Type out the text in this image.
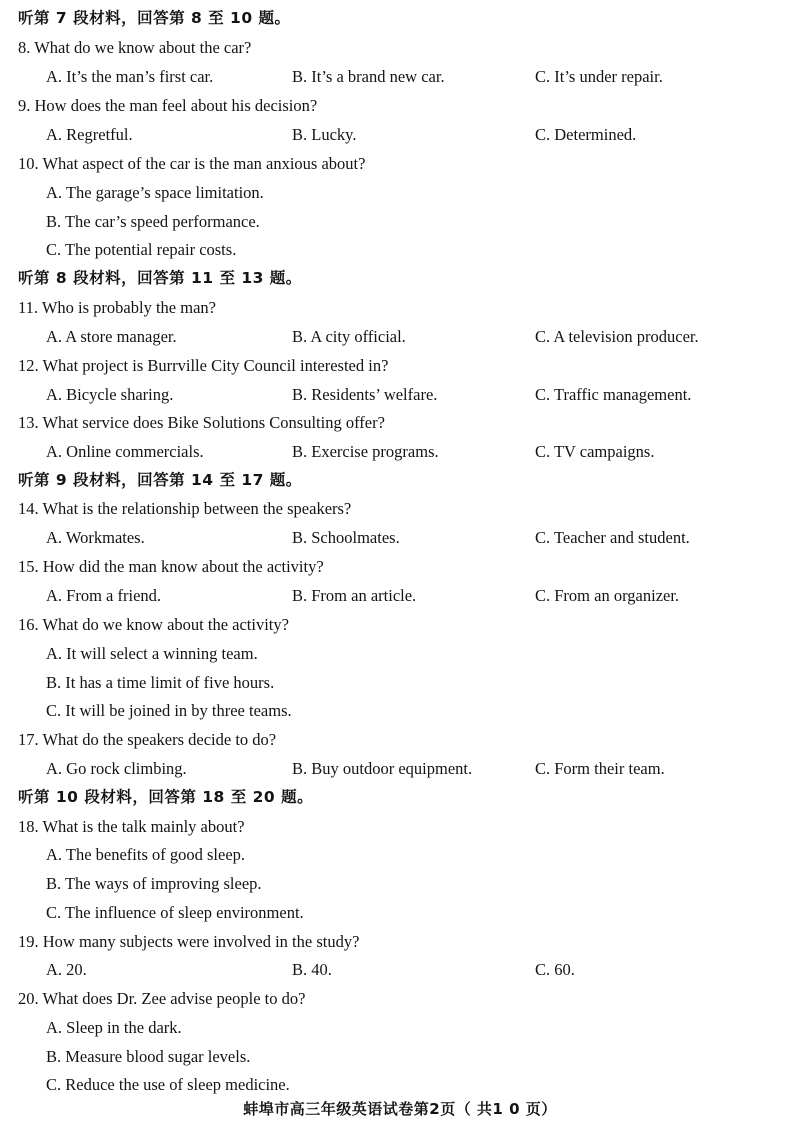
听第 7 段材料，回答第 8 至 10 题。
8. What do we know about the car?
A. It’s the man’s first car.	B. It’s a brand new car.	C. It’s under repair.
9. How does the man feel about his decision?
A. Regretful.	B. Lucky.	C. Determined.
10. What aspect of the car is the man anxious about?
A. The garage’s space limitation.
B. The car’s speed performance.
C. The potential repair costs.
听第 8 段材料，回答第 11 至 13 题。
11. Who is probably the man?
A. A store manager.	B. A city official.	C. A television producer.
12. What project is Burrville City Council interested in?
A. Bicycle sharing.	B. Residents’ welfare.	C. Traffic management.
13. What service does Bike Solutions Consulting offer?
A. Online commercials.	B. Exercise programs.	C. TV campaigns.
听第 9 段材料，回答第 14 至 17 题。
14. What is the relationship between the speakers?
A. Workmates.	B. Schoolmates.	C. Teacher and student.
15. How did the man know about the activity?
A. From a friend.	B. From an article.	C. From an organizer.
16. What do we know about the activity?
A. It will select a winning team.
B. It has a time limit of five hours.
C. It will be joined in by three teams.
17. What do the speakers decide to do?
A. Go rock climbing.	B. Buy outdoor equipment.	C. Form their team.
听第 10 段材料，回答第 18 至 20 题。
18. What is the talk mainly about?
A. The benefits of good sleep.
B. The ways of improving sleep.
C. The influence of sleep environment.
19. How many subjects were involved in the study?
A. 20.	B. 40.	C. 60.
20. What does Dr. Zee advise people to do?
A. Sleep in the dark.
B. Measure blood sugar levels.
C. Reduce the use of sleep medicine.
蚌埠市高三年级英语试卷第2页（ 共1 0 页）
